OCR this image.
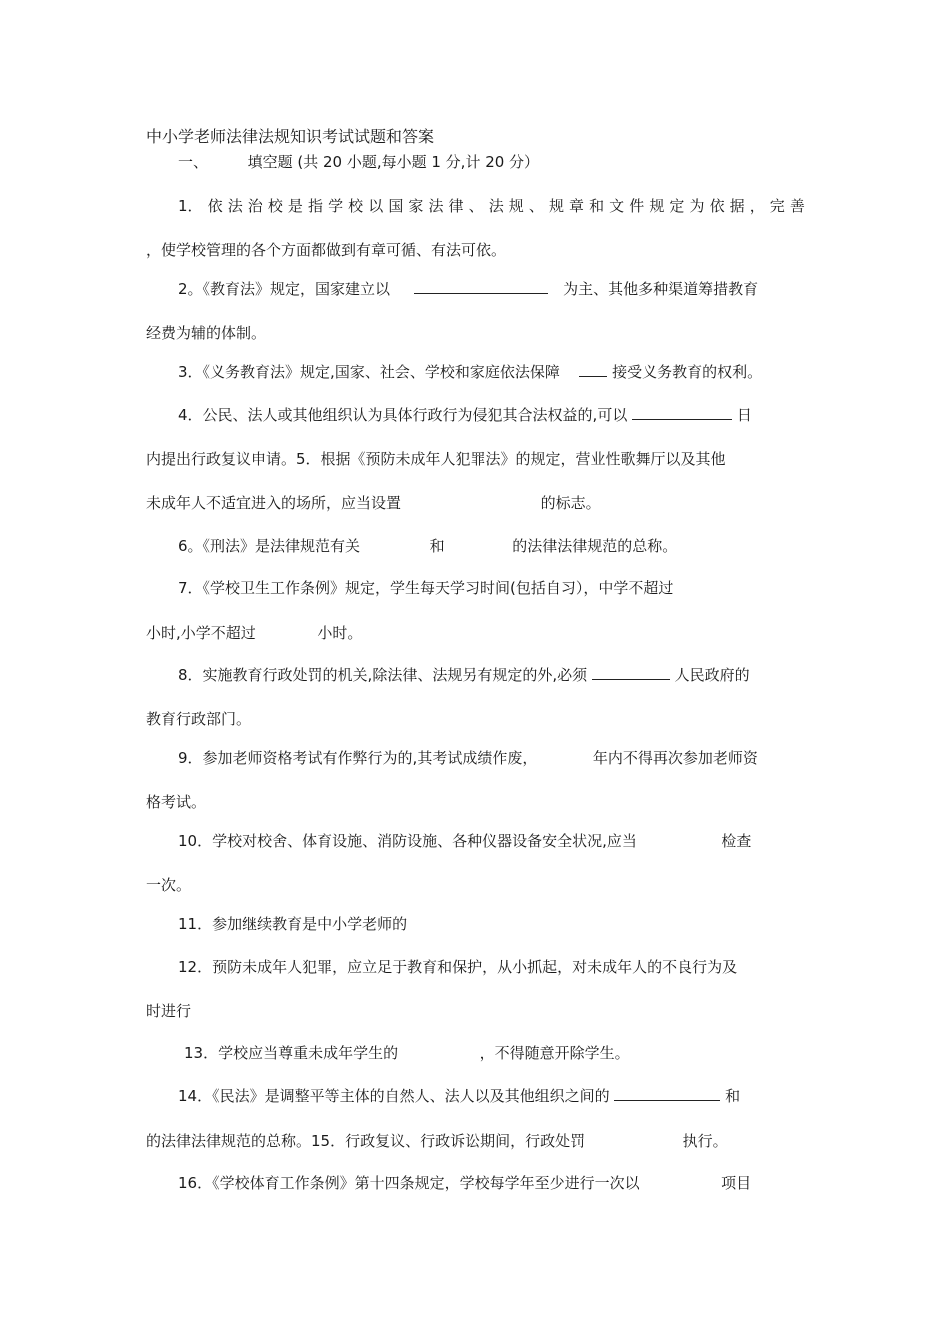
中小学老师法律法规知识考试试题和答案
一、	填空题 (共 20 小题,每小题 1 分,计 20 分）
1． 依 法 治 校 是 指 学 校 以 国 家 法 律 、 法 规 、 规 章 和 文 件 规 定 为 依 据 ， 完 善
，使学校管理的各个方面都做到有章可循、有法可依。
2。《教育法》规定，国家建立以	为主、其他多种渠道筹措教育
经费为辅的体制。
3．《义务教育法》规定,国家、社会、学校和家庭依法保障	接受义务教育的权利。
4．公民、法人或其他组织认为具体行政行为侵犯其合法权益的,可以	日
内提出行政复议申请。5．根据《预防未成年人犯罪法》的规定，营业性歌舞厅以及其他
未成年人不适宜进入的场所，应当设置	的标志。
6。《刑法》是法律规范有关	和	的法律法律规范的总称。
7．《学校卫生工作条例》规定，学生每天学习时间(包括自习），中学不超过
小时,小学不超过	小时。
8．实施教育行政处罚的机关,除法律、法规另有规定的外,必须	人民政府的
教育行政部门。
9．参加老师资格考试有作弊行为的,其考试成绩作废，	年内不得再次参加老师资
格考试。
10．学校对校舍、体育设施、消防设施、各种仪器设备安全状况,应当	检查
一次。
11．参加继续教育是中小学老师的
12．预防未成年人犯罪，应立足于教育和保护，从小抓起，对未成年人的不良行为及
时进行
13．学校应当尊重未成年学生的	，不得随意开除学生。
14．《民法》是调整平等主体的自然人、法人以及其他组织之间的	和
的法律法律规范的总称。15．行政复议、行政诉讼期间，行政处罚	执行。
16．《学校体育工作条例》第十四条规定，学校每学年至少进行一次以	项目
